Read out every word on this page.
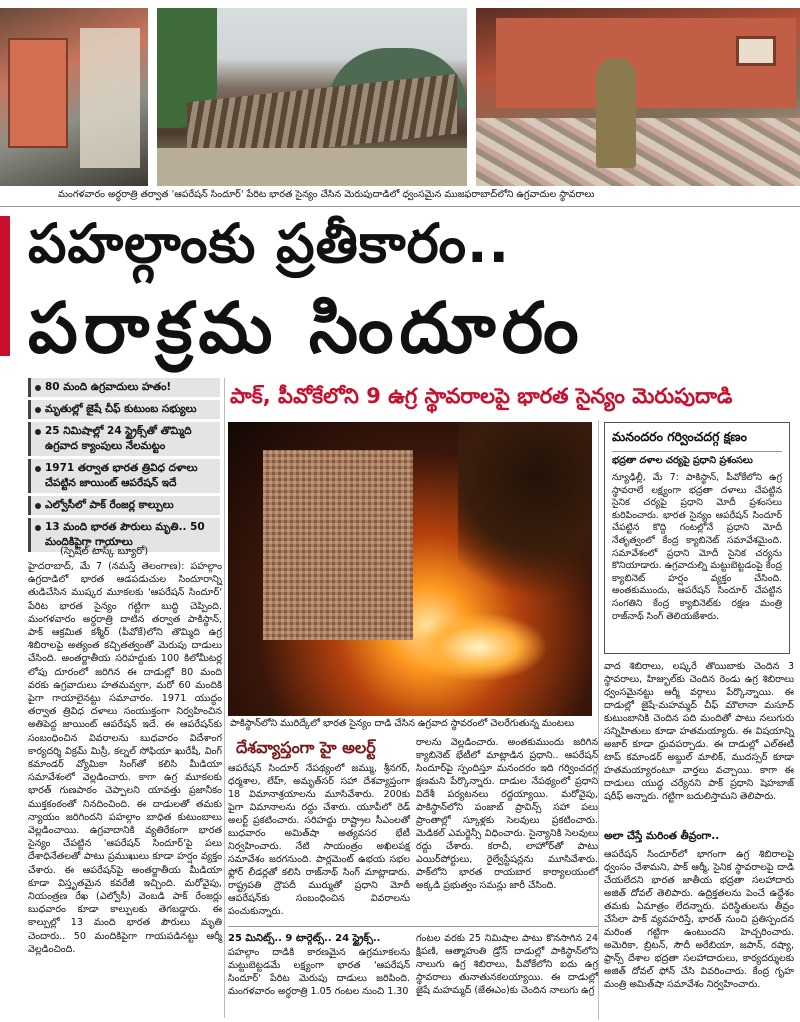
మంగళవారం అర్ధరాత్రి తర్వాత 'ఆపరేషన్ సిందూర్' పేరిట భారత సైన్యం చేసిన మెరుపుదాడిలో ధ్వంసమైన ముజఫరాబాద్‌లోని ఉగ్రవాదుల స్థావరాలు
పహల్గాంకు ప్రతీకారం..
పరాక్రమ సిందూరం
80 మంది ఉగ్రవాదులు హతం!
మృతుల్లో జైషే చీఫ్ కుటుంబ సభ్యులు
25 నిమిషాల్లో 24 స్ట్రైక్స్‌తో తొమ్మిది ఉగ్రవాద క్యాంపులు నేలమట్టం
1971 తర్వాత భారత త్రివిధ దళాలు చేపట్టిన జాయింట్ ఆపరేషన్ ఇదే
ఎల్వోసీలో పాక్ రేంజర్ల కాల్పులు
13 మంది భారత పౌరులు మృతి.. 50 మందికిపైగా గాయాలు
పాక్, పీవోకేలోని 9 ఉగ్ర స్థావరాలపై భారత సైన్యం మెరుపుదాడి
(స్పెషల్ టాస్క్ బ్యూరో)
హైదరాబాద్, మే 7 (నమస్తే తెలంగాణ): పహల్గాం ఉగ్రదాడిలో భారత ఆడపడుచుల సిందూరాన్ని తుడిచేసిన ముష్కర మూకలకు 'ఆపరేషన్ సిందూర్' పేరిట భారత సైన్యం గట్టిగా బుద్ధి చెప్పింది. మంగళవారం అర్ధరాత్రి దాటిన తర్వాత పాకిస్థాన్, పాక్ ఆక్రమిత కశ్మీర్ (పీవోకే)లోని తొమ్మిది ఉగ్ర శిబిరాలపై అత్యంత కచ్చితత్వంతో మెరుపు దాడులు చేసింది. అంతర్జాతీయ సరిహద్దుకు 100 కిలోమీటర్ల లోపు దూరంలో జరిగిన ఈ దాడుల్లో 80 మంది వరకు ఉగ్రవాదులు హతమవ్వగా, మరో 60 మందికి పైగా గాయాలైనట్టు సమాచారం. 1971 యుద్ధం తర్వాత త్రివిధ దళాలు సంయుక్తంగా నిర్వహించిన అతిపెద్ద జాయింట్ ఆపరేషన్ ఇదే. ఈ ఆపరేషన్‌కు సంబంధించిన వివరాలను బుధవారం విదేశాంగ కార్యదర్శి విక్రమ్ మిస్రీ, కల్నల్ సోఫియా ఖురేషీ, వింగ్ కమాండర్ వ్యోమికా సింగ్‌తో కలిసి మీడియా సమావేశంలో వెల్లడించారు. కాగా ఉగ్ర మూకలకు భారత్ గుణపాఠం చెప్పాలని యావత్తు ప్రజానీకం ముక్తకంఠంతో నినదించింది. ఈ దాడులతో తమకు న్యాయం జరిగిందని పహల్గాం బాధిత కుటుంబాలు వెల్లడించాయి. ఉగ్రవాదానికి వ్యతిరేకంగా భారత సైన్యం చేపట్టిన 'ఆపరేషన్ సిందూర్'పై పలు దేశాధినేతలతో పాటు ప్రముఖులు కూడా హర్షం వ్యక్తం చేశారు. ఈ ఆపరేషన్‌పై అంతర్జాతీయ మీడియా కూడా విస్తృతమైన కవరేజీ ఇచ్చింది. మరోవైపు, నియంత్రణ రేఖ (ఎల్వోసీ) వెంబడి పాక్ రేంజర్లు బుధవారం కూడా కాల్పులకు తెగబడ్డారు. ఈ కాల్పుల్లో 13 మంది భారత పౌరులు మృతి చెందారు.. 50 మందికిపైగా గాయపడినట్టు ఆర్మీ వెల్లడించింది.
పాకిస్థాన్‌లోని మురిద్కేలో భారత సైన్యం దాడి చేసిన ఉగ్రవాద స్థావరంలో చెలరేగుతున్న మంటలు
మనందరం గర్వించదగ్గ క్షణం
భద్రతా దళాల చర్యపై ప్రధాని ప్రశంసలు
న్యూఢిల్లీ, మే 7: పాకిస్థాన్, పీవోకేలోని ఉగ్ర స్థావరాలే లక్ష్యంగా భద్రతా దళాలు చేపట్టిన సైనిక చర్యపై ప్రధాని మోదీ ప్రశంసలు కురిపించారు. భారత సైన్యం ఆపరేషన్ సిందూర్ చేపట్టిన కొద్ది గంటల్లోనే ప్రధాని మోదీ నేతృత్వంలో కేంద్ర క్యాబినెట్ సమావేశమైంది. సమావేశంలో ప్రధాని మోదీ సైనిక చర్యను కొనియాడారు. ఉగ్రవాదుల్ని మట్టుబెట్టడంపై కేంద్ర క్యాబినెట్ హర్షం వ్యక్తం చేసింది. అంతకుముందు, ఆపరేషన్ సిందూర్ చేపట్టిన సంగతిని కేంద్ర క్యాబినెట్‌కు రక్షణ మంత్రి రాజ్‌నాథ్ సింగ్ తెలియజేశారు.
వాద శిబిరాలు, లష్కరే తొయిబాకు చెందిన 3 స్థావరాలు, హిజ్బుల్‌కు చెందిన రెండు ఉగ్ర శిబిరాలు ధ్వంసమైనట్టు ఆర్మీ వర్గాలు పేర్కొన్నాయి. ఈ దాడుల్లో జైషే-మహమ్మద్ చీఫ్ మౌలానా మసూద్ కుటుంబానికి చెందిన పది మందితో పాటు నలుగురు సన్నిహితులు కూడా హతమయ్యారు. ఈ విషయాన్ని అజార్ కూడా ధ్రువపర్చాడు. ఈ దాడుల్లో ఎల్ఈటీ టాప్ కమాండర్ అబ్దుల్ మాలిక్, ముదస్సర్ కూడా హతమయ్యారంటూ వార్తలు వచ్చాయి. కాగా ఈ దాడులు యుద్ధ చర్యేనని పాక్ ప్రధాని షెహబాజ్ షరీఫ్ అన్నారు. గట్టిగా బదులిస్తామని తెలిపారు.
అలా చేస్తే మరింత తీవ్రంగా..
ఆపరేషన్ సిందూర్‌లో భాగంగా ఉగ్ర శిబిరాలపై ధ్వంసం చేశామని, పాక్ ఆర్మీ, సైనిక స్థావరాలపై దాడి చేయలేదని భారత జాతీయ భద్రతా సలహాదారు అజిత్ దోవల్ తెలిపారు. ఉద్రిక్తతలను పెంచే ఉద్దేశం తమకు ఏమాత్రం లేదన్నారు. పరిస్థితులను తీవ్రం చేసేలా పాక్ వ్యవహరిస్తే, భారత్ నుంచి ప్రతిస్పందన మరింత గట్టిగా ఉంటుందని హెచ్చరించారు. అమెరికా, బ్రిటన్, సౌదీ అరేబియా, జపాన్, రష్యా, ఫ్రాన్స్ దేశాల భద్రతా సలహాదారులు, కార్యదర్శులకు అజిత్ దోవల్ ఫోన్ చేసి వివరించారు. కేంద్ర గృహ మంత్రి అమిత్‌షా సమావేశం నిర్వహించారు.
దేశవ్యాప్తంగా హై అలర్ట్
ఆపరేషన్ సిందూర్ నేపథ్యంలో జమ్ము, శ్రీనగర్, ధర్మశాల, లేహ్, అమృత్‌సర్ సహా దేశవ్యాప్తంగా 18 విమానాశ్రయాలను మూసివేశారు. 200కు పైగా విమానాలను రద్దు చేశారు. యూపీలో రెడ్ అలర్ట్ ప్రకటించారు. సరిహద్దు రాష్ట్రాల సీఎంలతో బుధవారం అమిత్‌షా అత్యవసర భేటీ నిర్వహించారు. నేటి సాయంత్రం అఖిలపక్ష సమావేశం జరగనుంది. పార్లమెంట్ ఉభయ సభల ఫ్లోర్ లీడర్లతో కలిసి రాజ్‌నాథ్ సింగ్ మాట్లాడారు. రాష్ట్రపతి ద్రౌపదీ ముర్ముతో ప్రధాని మోదీ ఆపరేషన్‌కు సంబంధించిన వివరాలను పంచుకున్నారు.
రాలను వెల్లడించారు. అంతకుముందు జరిగిన క్యాబినెట్ భేటీలో మాట్లాడిన ప్రధాని.. ఆపరేషన్ సిందూర్‌పై స్పందిస్తూ మనందరం ఇది గర్వించదగ్గ క్షణమని పేర్కొన్నారు. దాడుల నేపథ్యంలో ప్రధాని విదేశీ పర్యటనలు రద్దయ్యాయి. మరోవైపు, పాకిస్థాన్‌లోని పంజాబ్ ప్రావిన్స్ సహా పలు ప్రాంతాల్లో స్కూళ్లకు సెలవులు ప్రకటించారు. మెడికల్ ఎమర్జెన్సీ విధించారు. సైన్యానికి సెలవులు రద్దు చేశారు. కరాచీ, లాహోర్‌తో పాటు ఎయిర్‌పోర్టులు, రైల్వేస్టేషన్లను మూసివేశారు. పాక్‌లోని భారత రాయబార కార్యాలయంలో అక్కడి ప్రభుత్వం సమన్లు జారీ చేసింది.
25 మినిట్స్.. 9 టార్గెట్స్.. 24 స్ట్రైక్స్..
పహల్గాం దాడికి కారణమైన ఉగ్రమూకలను మట్టుబెట్టడమే లక్ష్యంగా భారత 'ఆపరేషన్ సిందూర్' పేరిట మెరుపు దాడులు జరిపింది. మంగళవారం అర్ధరాత్రి 1.05 గంటల నుంచి 1.30
గంటల వరకు 25 నిమిషాల పాటు కొనసాగిన 24 క్షిపణి, ఆత్మాహుతి డ్రోన్ దాడుల్లో పాకిస్థాన్‌లోని నాలుగు ఉగ్ర శిబిరాలు, పీవోకేలోని ఐదు ఉగ్ర స్థావరాలు తునాతునకలయ్యాయి. ఈ దాడుల్లో జైషే మహమ్మద్ (జేఈఎం)కు చెందిన నాలుగు ఉగ్ర
